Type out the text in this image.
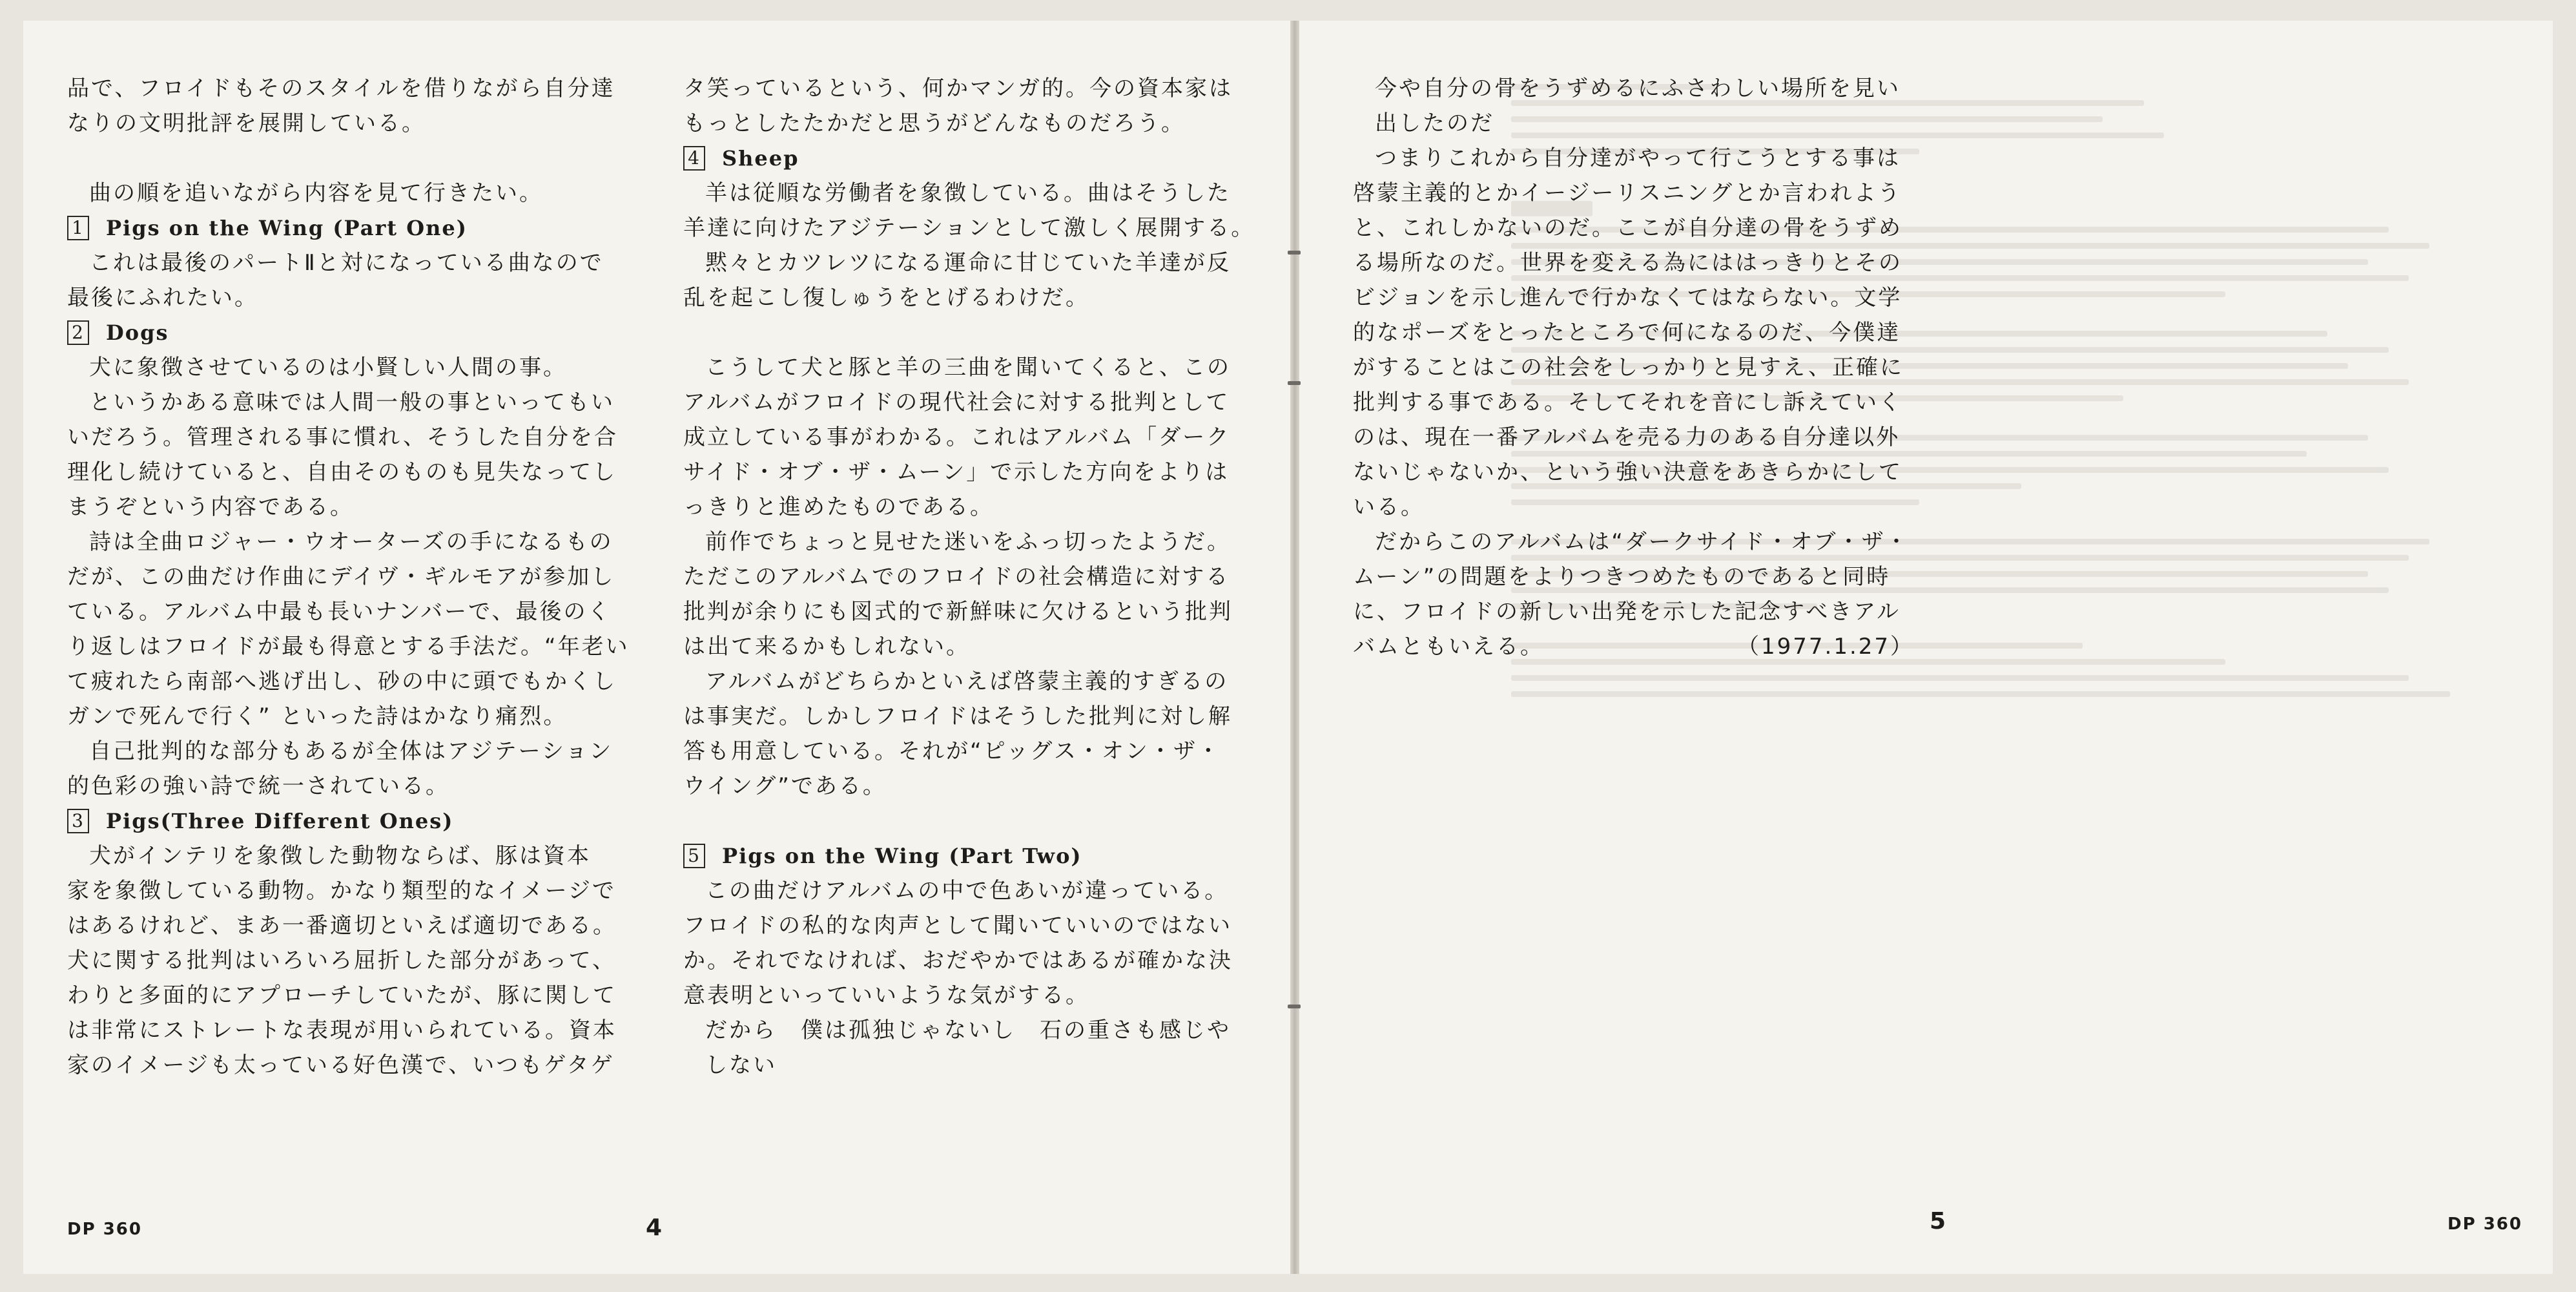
品で、フロイドもそのスタイルを借りながら自分達

なりの文明批評を展開している。

曲の順を追いながら内容を見て行きたい。

1 Pigs on the Wing (Part One)

これは最後のパートⅡと対になっている曲なので

最後にふれたい。

2 Dogs

犬に象徴させているのは小賢しい人間の事。

というかある意味では人間一般の事といってもい

いだろう。管理される事に慣れ、そうした自分を合

理化し続けていると、自由そのものも見失なってし

まうぞという内容である。

詩は全曲ロジャー・ウオーターズの手になるもの

だが、この曲だけ作曲にデイヴ・ギルモアが参加し

ている。アルバム中最も長いナンバーで、最後のく

り返しはフロイドが最も得意とする手法だ。“年老い

て疲れたら南部へ逃げ出し、砂の中に頭でもかくし

ガンで死んで行く” といった詩はかなり痛烈。

自己批判的な部分もあるが全体はアジテーション

的色彩の強い詩で統一されている。

3 Pigs(Three Different Ones)

犬がインテリを象徴した動物ならば、豚は資本

家を象徴している動物。かなり類型的なイメージで

はあるけれど、まあ一番適切といえば適切である。

犬に関する批判はいろいろ屈折した部分があって、

わりと多面的にアプローチしていたが、豚に関して

は非常にストレートな表現が用いられている。資本

家のイメージも太っている好色漢で、いつもゲタゲ

タ笑っているという、何かマンガ的。今の資本家は

もっとしたたかだと思うがどんなものだろう。

4 Sheep

羊は従順な労働者を象徴している。曲はそうした

羊達に向けたアジテーションとして激しく展開する。

黙々とカツレツになる運命に甘じていた羊達が反

乱を起こし復しゅうをとげるわけだ。

こうして犬と豚と羊の三曲を聞いてくると、この

アルバムがフロイドの現代社会に対する批判として

成立している事がわかる。これはアルバム「ダーク

サイド・オブ・ザ・ムーン」で示した方向をよりは

っきりと進めたものである。

前作でちょっと見せた迷いをふっ切ったようだ。

ただこのアルバムでのフロイドの社会構造に対する

批判が余りにも図式的で新鮮味に欠けるという批判

は出て来るかもしれない。

アルバムがどちらかといえば啓蒙主義的すぎるの

は事実だ。しかしフロイドはそうした批判に対し解

答も用意している。それが“ピッグス・オン・ザ・

ウイング”である。

5 Pigs on the Wing (Part Two)

この曲だけアルバムの中で色あいが違っている。

フロイドの私的な肉声として聞いていいのではない

か。それでなければ、おだやかではあるが確かな決

意表明といっていいような気がする。

だから　僕は孤独じゃないし　石の重さも感じや

しない

今や自分の骨をうずめるにふさわしい場所を見い

出したのだ

つまりこれから自分達がやって行こうとする事は

啓蒙主義的とかイージーリスニングとか言われよう

と、これしかないのだ。ここが自分達の骨をうずめ

る場所なのだ。世界を変える為にははっきりとその

ビジョンを示し進んで行かなくてはならない。文学

的なポーズをとったところで何になるのだ、今僕達

がすることはこの社会をしっかりと見すえ、正確に

批判する事である。そしてそれを音にし訴えていく

のは、現在一番アルバムを売る力のある自分達以外

ないじゃないか、という強い決意をあきらかにして

いる。

だからこのアルバムは“ダークサイド・オブ・ザ・

ムーン”の問題をよりつきつめたものであると同時

に、フロイドの新しい出発を示した記念すべきアル

バムともいえる。　　　　　　　　　（1977.1.27）

DP 360	4	5	DP 360
